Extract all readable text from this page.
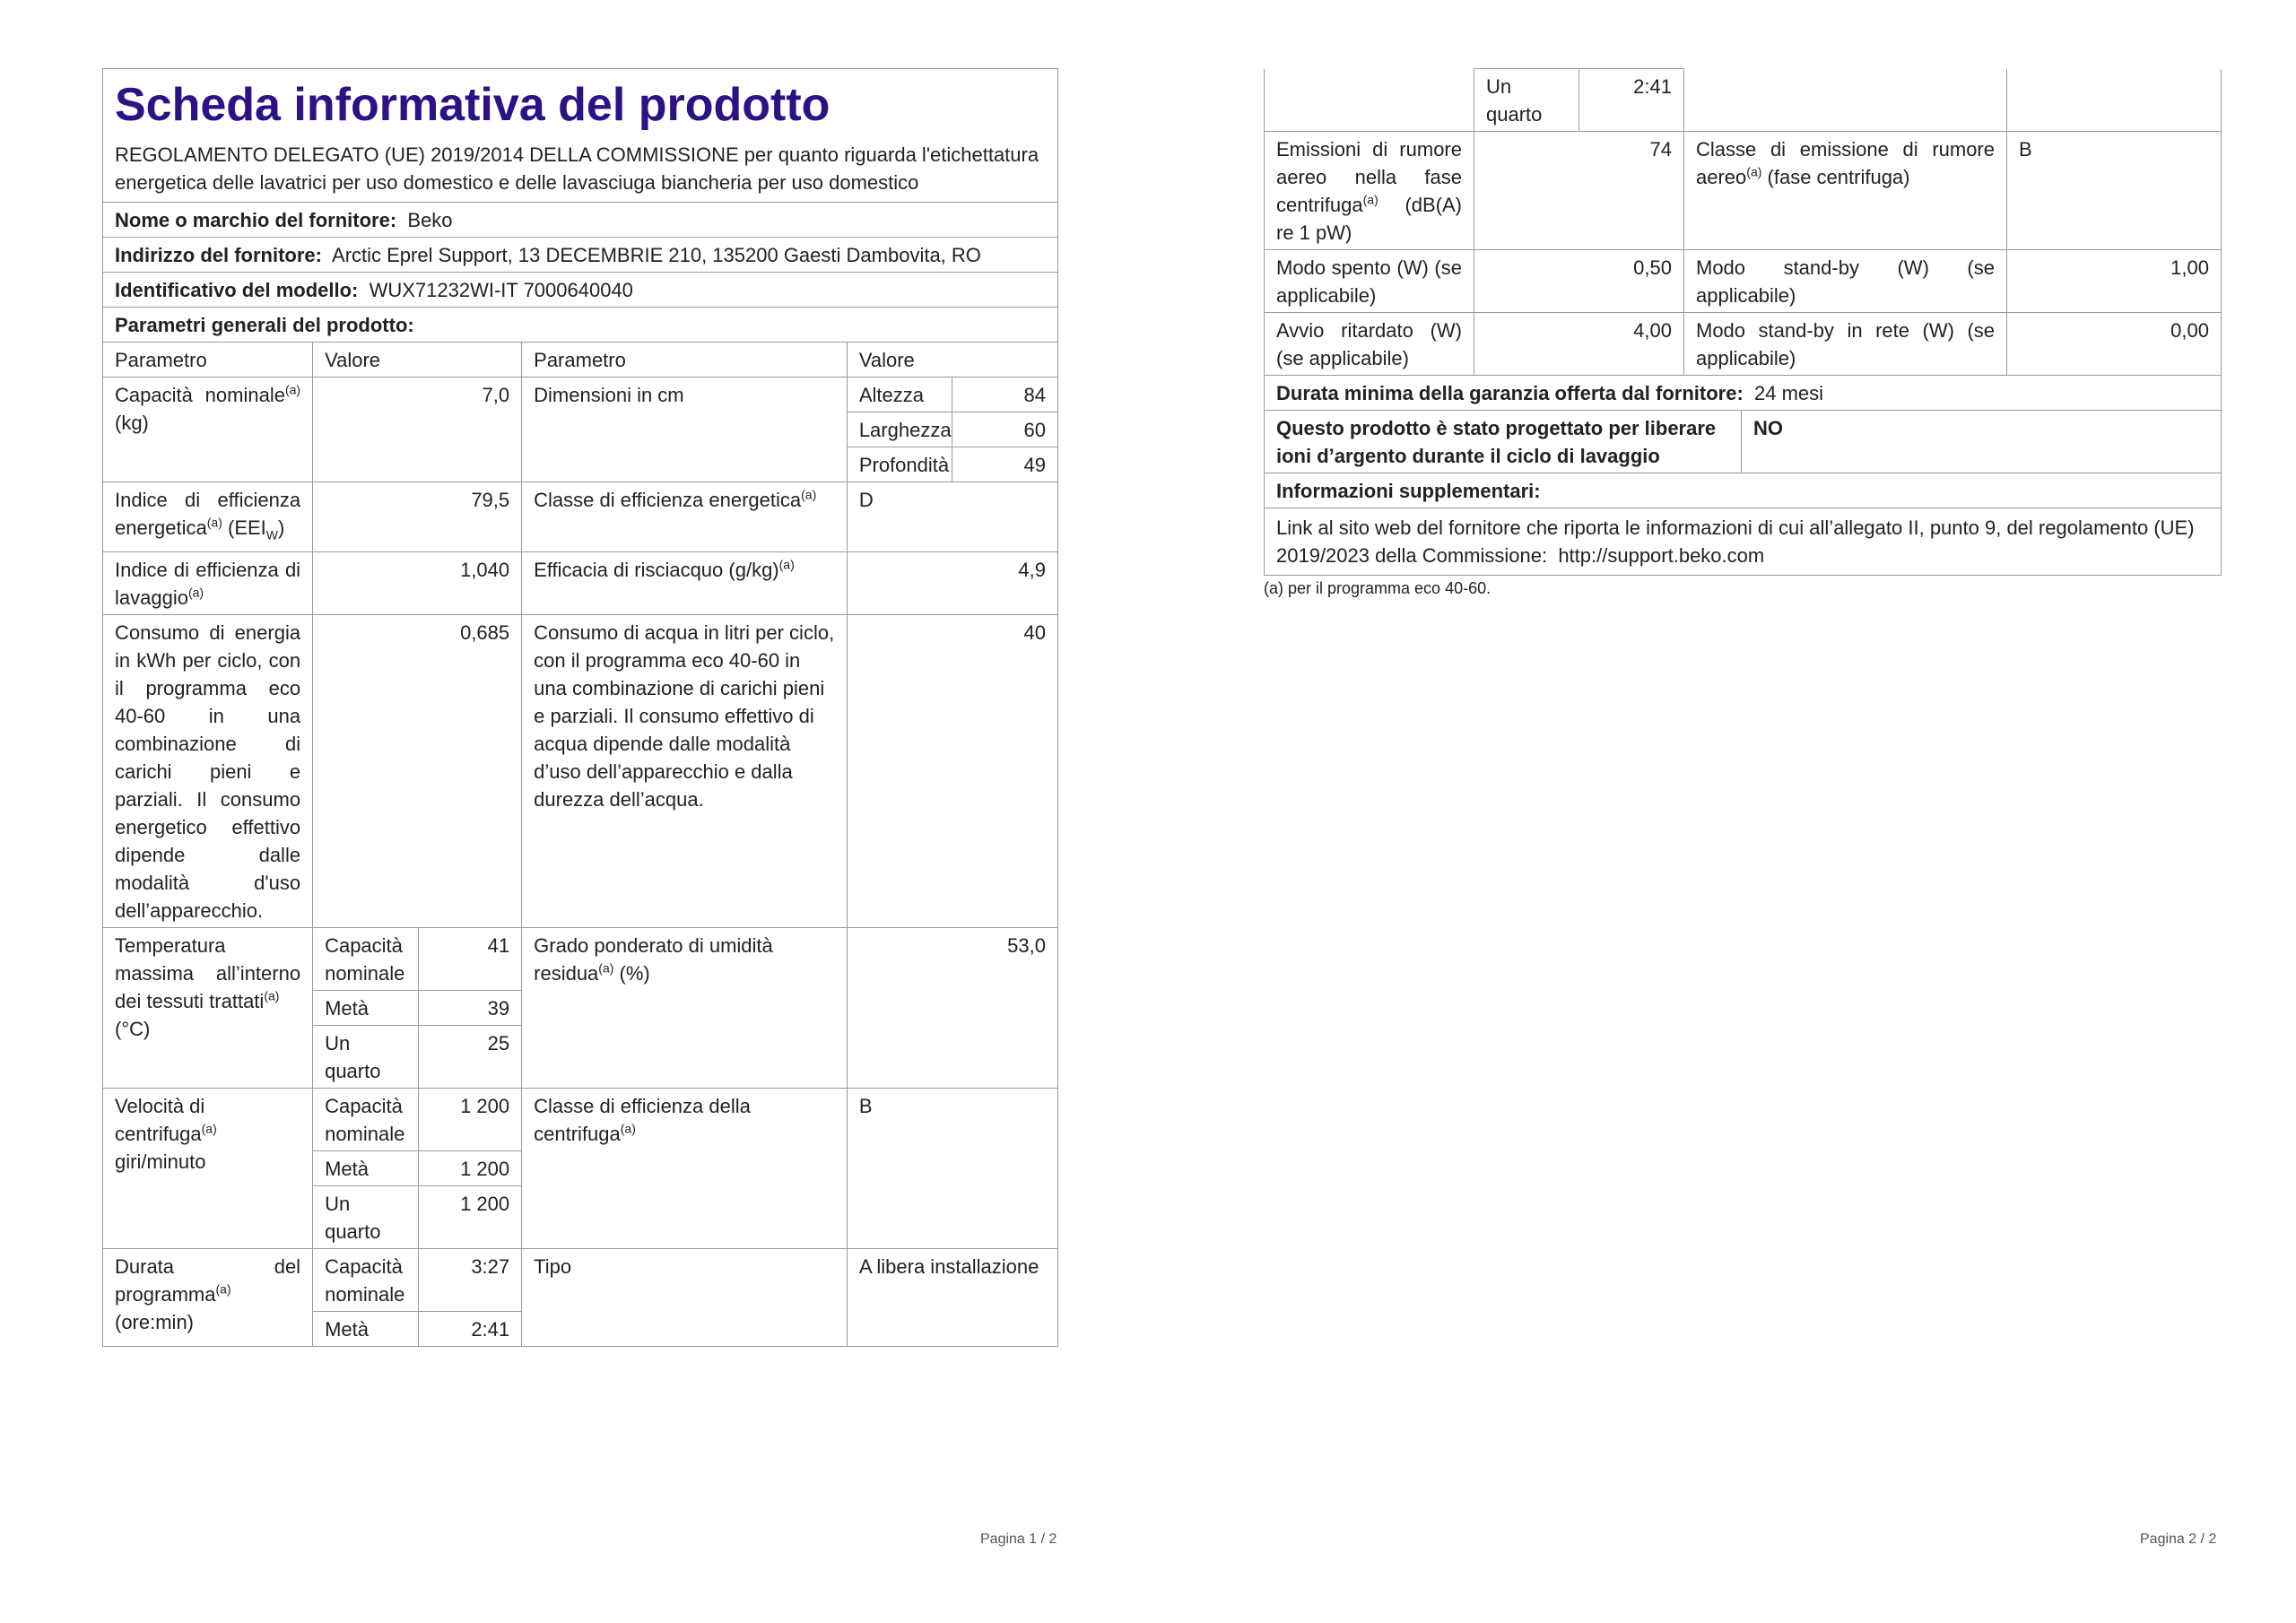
Scheda informativa del prodotto
REGOLAMENTO DELEGATO (UE) 2019/2014 DELLA COMMISSIONE per quanto riguarda l'etichettatura energetica delle lavatrici per uso domestico e delle lavasciuga biancheria per uso domestico
Nome o marchio del fornitore: Beko					
Indirizzo del fornitore: Arctic Eprel Support, 13 DECEMBRIE 210, 135200 Gaesti Dambovita, RO					
Identificativo del modello: WUX71232WI-IT 7000640040					
Parametri generali del prodotto:					
Parametro	Valore		Parametro	Valore	
Capacità nominale$^{(a)}$ (kg)	7,0		Dimensioni in cm	Altezza	84
				Larghezza	60
				Profondità	49
Indice di efficienza energetica$^{(a)}$ $(EEI_W)$	79,5		Classe di efficienza energetica$^{(a)}$	D	
Indice di efficienza di lavaggio$^{(a)}$	1,040		Efficacia di risciacquo $(g/kg)^{(a)}$	4,9	
Consumo di energia in kWh per ciclo, con il programma eco 40-60 in una combinazione di carichi pieni e parziali. Il consumo energetico effettivo dipende dalle modalità d'uso dell’apparecchio.	0,685		Consumo di acqua in litri per ciclo, con il programma eco 40-60 in una combinazione di carichi pieni e parziali. Il consumo effettivo di acqua dipende dalle modalità d’uso dell’apparecchio e dalla durezza dell’acqua.	40	
Temperatura massima all’interno dei tessuti trattati$^{(a)}$
(°C)	Capacità nominale	41	Grado ponderato di umidità residua$^{(a)}$ (%)	53,0	
	Metà	39			
	Un quarto	25			
Velocità di centrifuga$^{(a)}$ giri/minuto	Capacità nominale	1 200	Classe di efficienza della centrifuga$^{(a)}$	B	
	Metà	1 200			
	Un quarto	1 200			
Durata del programma$^{(a)}$
(ore:min)	Capacità nominale	3:27	Tipo	A libera installazione	
	Metà	2:41			
Pagina 1 / 2
	Un quarto	2:41		
Emissioni di rumore aereo nella fase centrifuga$^{(a)}$ (dB(A) re 1 pW)	74		Classe di emissione di rumore aereo$^{(a)}$ (fase centrifuga)	B
Modo spento (W) (se applicabile)	0,50		Modo stand-by (W) (se applicabile)	1,00
Avvio ritardato (W) (se applicabile)	4,00		Modo stand-by in rete (W) (se applicabile)	0,00
Durata minima della garanzia offerta dal fornitore: 24 mesi				
Questo prodotto è stato progettato per liberare ioni d’argento durante il ciclo di lavaggio	NO
Informazioni supplementari:
Link al sito web del fornitore che riporta le informazioni di cui all’allegato II, punto 9, del regolamento (UE) 2019/2023 della Commissione: http://support.beko.com
(a) per il programma eco 40-60.
Pagina 2 / 2
